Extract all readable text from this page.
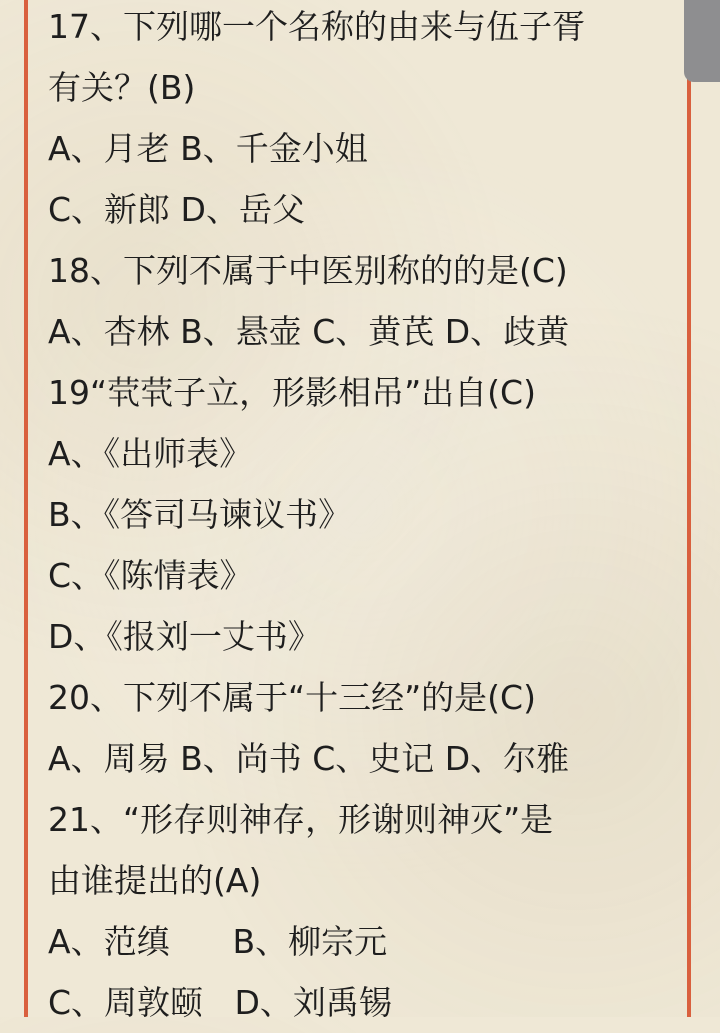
17、下列哪一个名称的由来与伍子胥
有关？(B)
A、月老 B、千金小姐
C、新郎 D、岳父
18、下列不属于中医别称的的是(C)
A、杏林 B、悬壶 C、黄芪 D、歧黄
19“茕茕子立，形影相吊”出自(C)
A、《出师表》
B、《答司马谏议书》
C、《陈情表》
D、《报刘一丈书》
20、下列不属于“十三经”的是(C)
A、周易 B、尚书 C、史记 D、尔雅
21、“形存则神存，形谢则神灭”是
由谁提出的(A)
A、范缜      B、柳宗元
C、周敦颐   D、刘禹锡
